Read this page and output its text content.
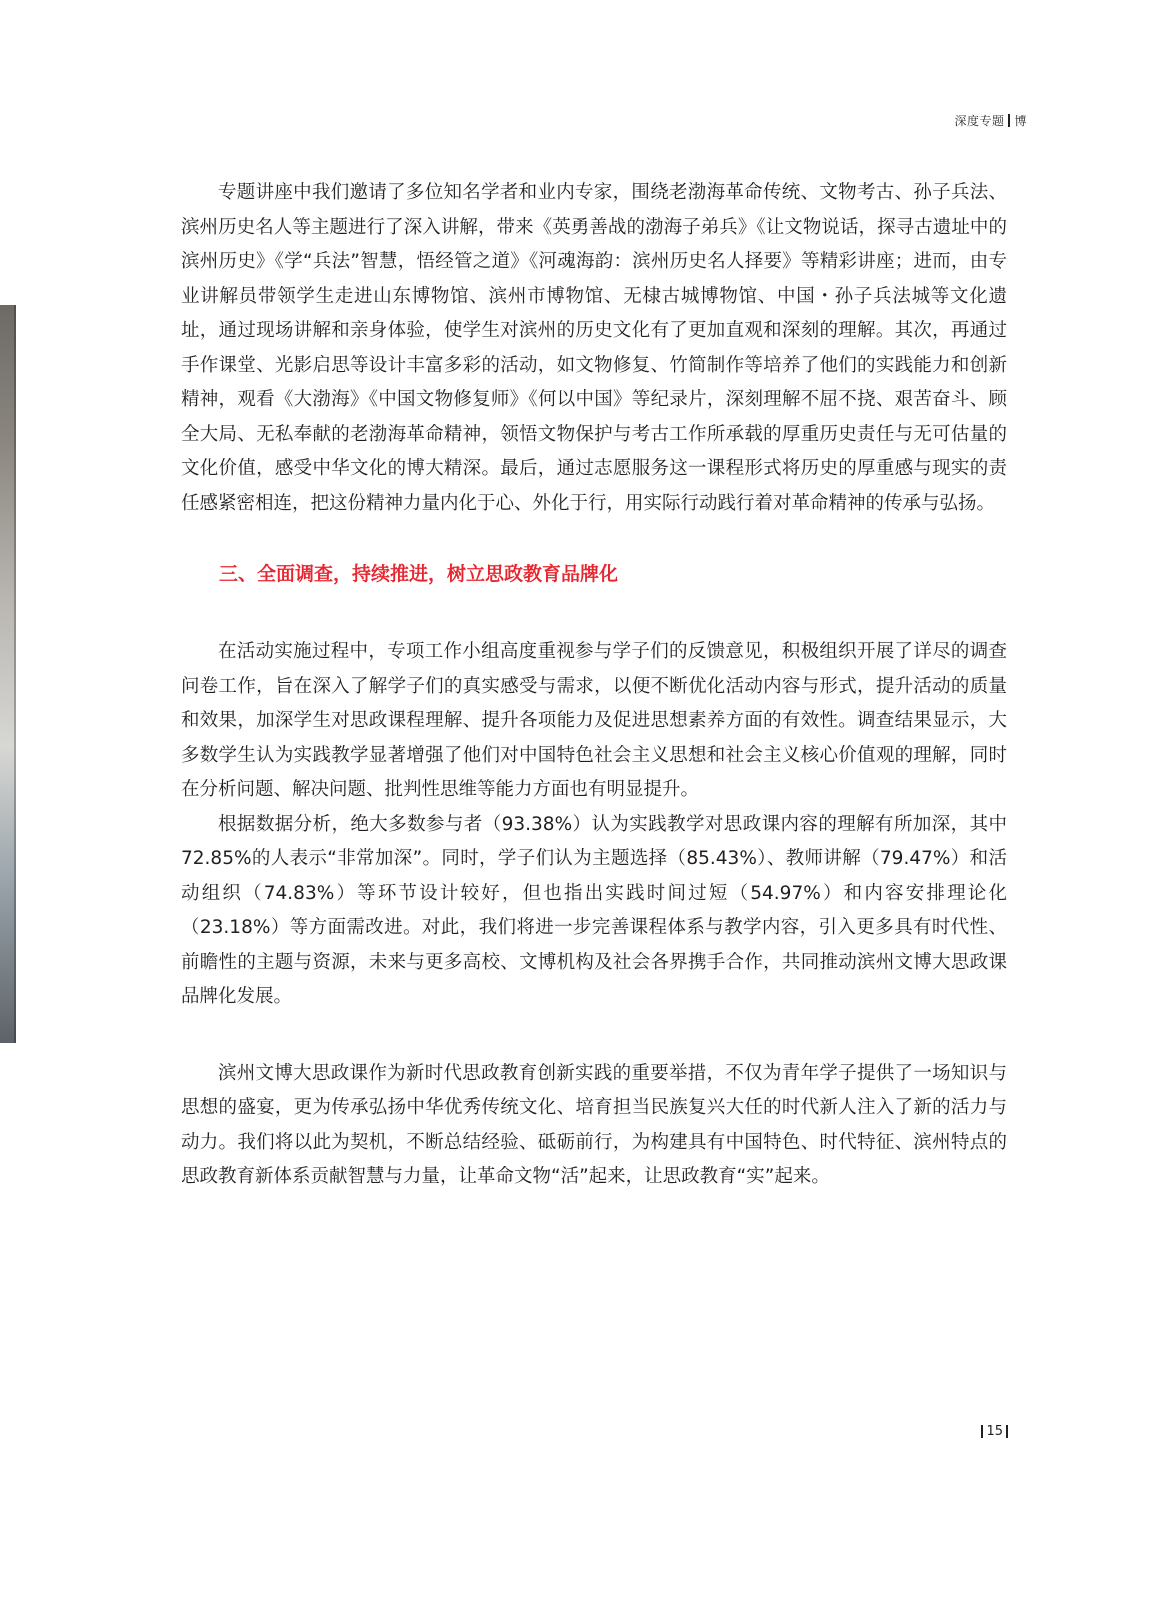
深度专题 博

专题讲座中我们邀请了多位知名学者和业内专家，围绕老渤海革命传统、文物考古、孙子兵法、滨州历史名人等主题进行了深入讲解，带来《英勇善战的渤海子弟兵》《让文物说话，探寻古遗址中的滨州历史》《学“兵法”智慧，悟经管之道》《河魂海韵：滨州历史名人择要》等精彩讲座；进而，由专业讲解员带领学生走进山东博物馆、滨州市博物馆、无棣古城博物馆、中国・孙子兵法城等文化遗址，通过现场讲解和亲身体验，使学生对滨州的历史文化有了更加直观和深刻的理解。其次，再通过手作课堂、光影启思等设计丰富多彩的活动，如文物修复、竹简制作等培养了他们的实践能力和创新精神，观看《大渤海》《中国文物修复师》《何以中国》等纪录片，深刻理解不屈不挠、艰苦奋斗、顾全大局、无私奉献的老渤海革命精神，领悟文物保护与考古工作所承载的厚重历史责任与无可估量的文化价值，感受中华文化的博大精深。最后，通过志愿服务这一课程形式将历史的厚重感与现实的责任感紧密相连，把这份精神力量内化于心、外化于行，用实际行动践行着对革命精神的传承与弘扬。

三、全面调查，持续推进，树立思政教育品牌化

在活动实施过程中，专项工作小组高度重视参与学子们的反馈意见，积极组织开展了详尽的调查问卷工作，旨在深入了解学子们的真实感受与需求，以便不断优化活动内容与形式，提升活动的质量和效果，加深学生对思政课程理解、提升各项能力及促进思想素养方面的有效性。调查结果显示，大多数学生认为实践教学显著增强了他们对中国特色社会主义思想和社会主义核心价值观的理解，同时在分析问题、解决问题、批判性思维等能力方面也有明显提升。

根据数据分析，绝大多数参与者（93.38%）认为实践教学对思政课内容的理解有所加深，其中72.85%的人表示“非常加深”。同时，学子们认为主题选择（85.43%）、教师讲解（79.47%）和活动组织（74.83%）等环节设计较好，但也指出实践时间过短（54.97%）和内容安排理论化（23.18%）等方面需改进。对此，我们将进一步完善课程体系与教学内容，引入更多具有时代性、前瞻性的主题与资源，未来与更多高校、文博机构及社会各界携手合作，共同推动滨州文博大思政课品牌化发展。

滨州文博大思政课作为新时代思政教育创新实践的重要举措，不仅为青年学子提供了一场知识与思想的盛宴，更为传承弘扬中华优秀传统文化、培育担当民族复兴大任的时代新人注入了新的活力与动力。我们将以此为契机，不断总结经验、砥砺前行，为构建具有中国特色、时代特征、滨州特点的思政教育新体系贡献智慧与力量，让革命文物“活”起来，让思政教育“实”起来。

15
